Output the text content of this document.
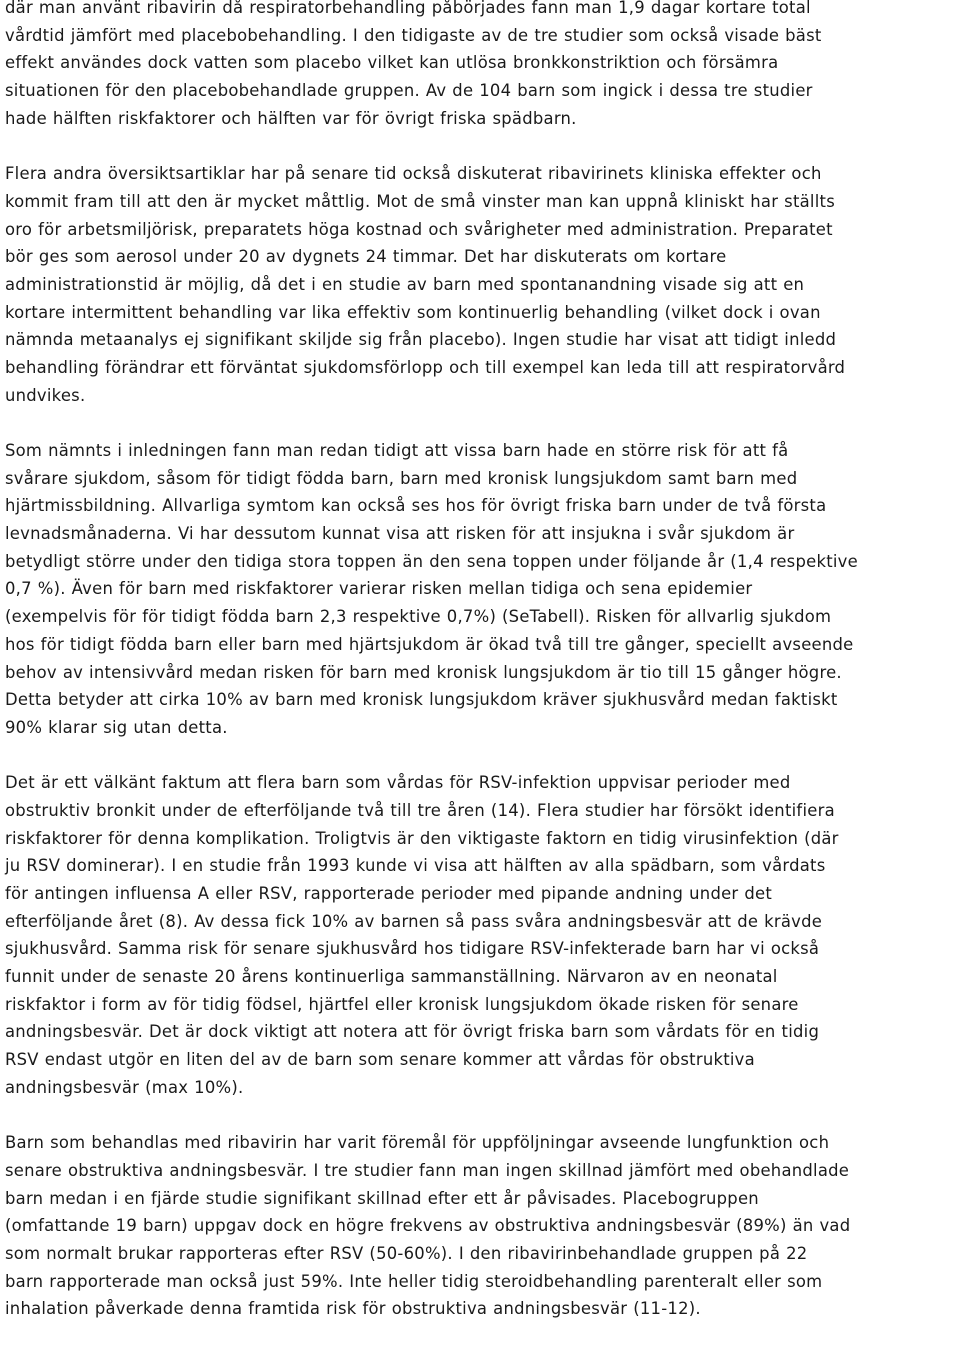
där man använt ribavirin då respiratorbehandling påbörjades fann man 1,9 dagar kortare total
vårdtid jämfört med placebobehandling. I den tidigaste av de tre studier som också visade bäst
effekt användes dock vatten som placebo vilket kan utlösa bronkkonstriktion och försämra
situationen för den placebobehandlade gruppen. Av de 104 barn som ingick i dessa tre studier
hade hälften riskfaktorer och hälften var för övrigt friska spädbarn.
Flera andra översiktsartiklar har på senare tid också diskuterat ribavirinets kliniska effekter och
kommit fram till att den är mycket måttlig. Mot de små vinster man kan uppnå kliniskt har ställts
oro för arbetsmiljörisk, preparatets höga kostnad och svårigheter med administration. Preparatet
bör ges som aerosol under 20 av dygnets 24 timmar. Det har diskuterats om kortare
administrationstid är möjlig, då det i en studie av barn med spontanandning visade sig att en
kortare intermittent behandling var lika effektiv som kontinuerlig behandling (vilket dock i ovan
nämnda metaanalys ej signifikant skiljde sig från placebo). Ingen studie har visat att tidigt inledd
behandling förändrar ett förväntat sjukdomsförlopp och till exempel kan leda till att respiratorvård
undvikes.
Som nämnts i inledningen fann man redan tidigt att vissa barn hade en större risk för att få
svårare sjukdom, såsom för tidigt födda barn, barn med kronisk lungsjukdom samt barn med
hjärtmissbildning. Allvarliga symtom kan också ses hos för övrigt friska barn under de två första
levnadsmånaderna. Vi har dessutom kunnat visa att risken för att insjukna i svår sjukdom är
betydligt större under den tidiga stora toppen än den sena toppen under följande år (1,4 respektive
0,7 %). Även för barn med riskfaktorer varierar risken mellan tidiga och sena epidemier
(exempelvis för för tidigt födda barn 2,3 respektive 0,7%) (SeTabell). Risken för allvarlig sjukdom
hos för tidigt födda barn eller barn med hjärtsjukdom är ökad två till tre gånger, speciellt avseende
behov av intensivvård medan risken för barn med kronisk lungsjukdom är tio till 15 gånger högre.
Detta betyder att cirka 10% av barn med kronisk lungsjukdom kräver sjukhusvård medan faktiskt
90% klarar sig utan detta.
Det är ett välkänt faktum att flera barn som vårdas för RSV-infektion uppvisar perioder med
obstruktiv bronkit under de efterföljande två till tre åren (14). Flera studier har försökt identifiera
riskfaktorer för denna komplikation. Troligtvis är den viktigaste faktorn en tidig virusinfektion (där
ju RSV dominerar). I en studie från 1993 kunde vi visa att hälften av alla spädbarn, som vårdats
för antingen influensa A eller RSV, rapporterade perioder med pipande andning under det
efterföljande året (8). Av dessa fick 10% av barnen så pass svåra andningsbesvär att de krävde
sjukhusvård. Samma risk för senare sjukhusvård hos tidigare RSV-infekterade barn har vi också
funnit under de senaste 20 årens kontinuerliga sammanställning. Närvaron av en neonatal
riskfaktor i form av för tidig födsel, hjärtfel eller kronisk lungsjukdom ökade risken för senare
andningsbesvär. Det är dock viktigt att notera att för övrigt friska barn som vårdats för en tidig
RSV endast utgör en liten del av de barn som senare kommer att vårdas för obstruktiva
andningsbesvär (max 10%).
Barn som behandlas med ribavirin har varit föremål för uppföljningar avseende lungfunktion och
senare obstruktiva andningsbesvär. I tre studier fann man ingen skillnad jämfört med obehandlade
barn medan i en fjärde studie signifikant skillnad efter ett år påvisades. Placebogruppen
(omfattande 19 barn) uppgav dock en högre frekvens av obstruktiva andningsbesvär (89%) än vad
som normalt brukar rapporteras efter RSV (50-60%). I den ribavirinbehandlade gruppen på 22
barn rapporterade man också just 59%. Inte heller tidig steroidbehandling parenteralt eller som
inhalation påverkade denna framtida risk för obstruktiva andningsbesvär (11-12).
